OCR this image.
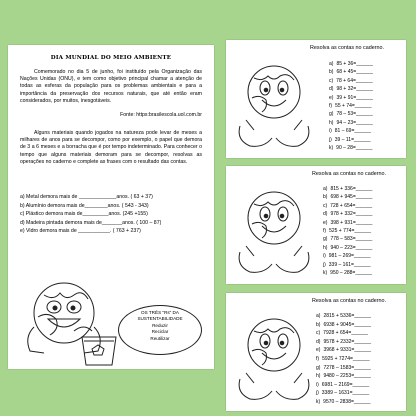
DIA MUNDIAL DO MEIO AMBIENTE

Comemorado no dia 5 de junho, foi instituído pela Organização das Nações Unidas (ONU), e tem como objetivo principal chamar a atenção de todas as esferas da população para os problemas ambientais e para a importância da preservação dos recursos naturais, que até então eram considerados, por muitos, inesgotáveis.

Fonte: https:brasilescola.uol.com.br

Alguns materiais quando jogados na natureza pode levar de meses a milhares de anos para se decompor, como por exemplo, o papel que demora de 3 a 6 meses e a borracha que é por tempo indeterminado. Para conhecer o tempo que alguns materiais demoram para se decompor, resolvas as operações no caderno e complete as frases com o resultado das contas.

a) Metal demora mais de _____________anos. ( 63 + 37)
b) Alumínio demora mais de________anos. ( 543 - 343)
c) Plástico demora mais de_________anos. (245 +155)
d) Madeira pintada demora mais de_______anos. ( 100 – 87)
e) Vidro demora mais de ___________. ( 763 + 237)
OS TRÊS "Rs" DA
SUSTENTABILIDADE
Reduzir
Reciclar
Reutilizar
Resolva as contas no caderno.
a) 85 + 36=______
b) 68 + 45=______
c) 78 + 64=______
d) 98 + 32=______
e) 39 + 91=______
f) 55 + 74=______
g) 78 – 53=______
h) 94 – 23=______
i) 81 – 69=______
j) 39 – 11=______
k) 90 – 28=______
Resolva as contas no caderno.
a) 815 + 336=______
b) 698 + 945=______
c) 728 + 654=______
d) 978 + 332=______
e) 398 + 931=______
f) 525 + 774=______
g) 778 – 583=______
h) 940 – 223=______
i) 981 – 269=______
j) 339 – 161=______
k) 950 – 288=______
Resolva as contas no caderno.
a) 2815 + 5336=______
b) 6938 + 9045=______
c) 7928 + 654=______
d) 9578 + 2332=______
e) 3968 + 9331=______
f) 5925 + 7274=______
g) 7278 – 1583=______
h) 9480 – 2253=______
i) 6981 – 2169=______
j) 3389 – 1631=______
k) 9570 – 2838=______
